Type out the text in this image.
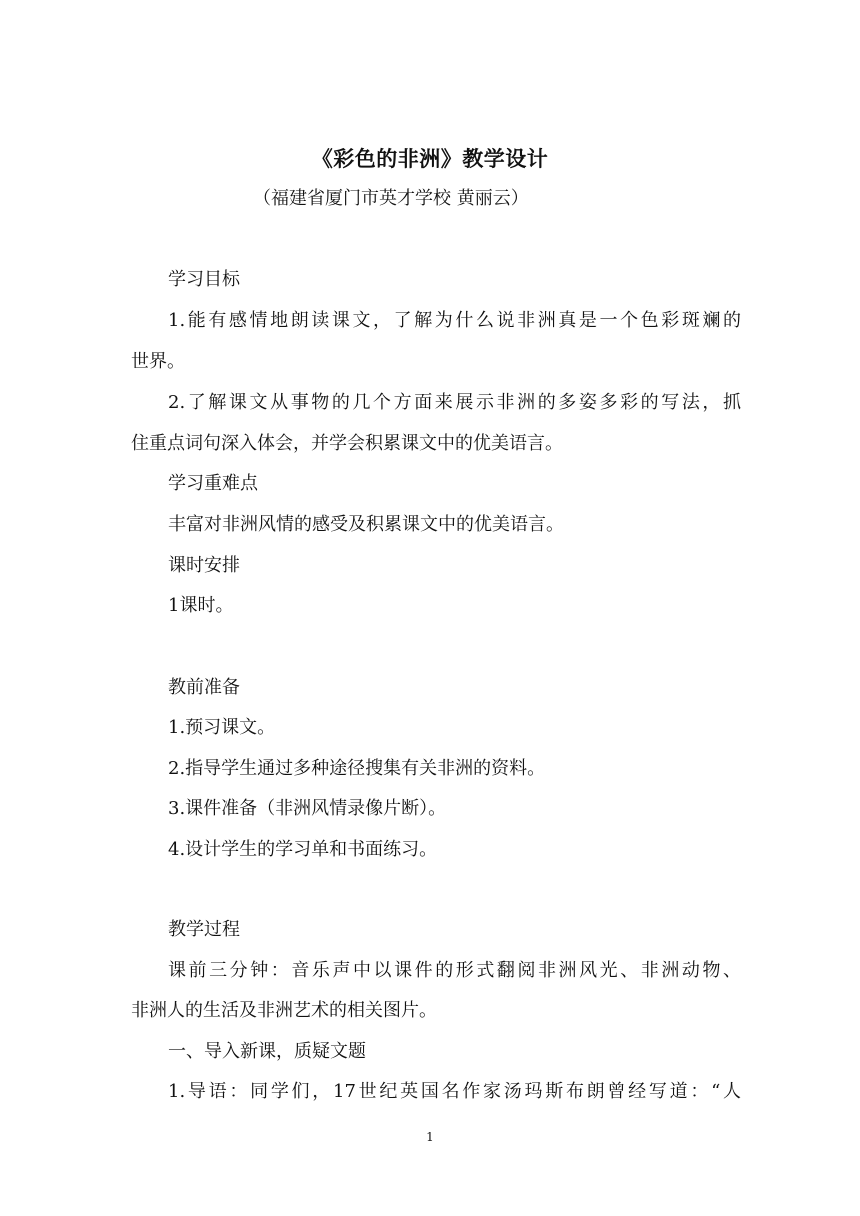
《彩色的非洲》教学设计
（福建省厦门市英才学校 黄丽云）
学习目标
1.能有感情地朗读课文，了解为什么说非洲真是一个色彩斑斓的
世界。
2.了解课文从事物的几个方面来展示非洲的多姿多彩的写法，抓
住重点词句深入体会，并学会积累课文中的优美语言。
学习重难点
丰富对非洲风情的感受及积累课文中的优美语言。
课时安排
1课时。
教前准备
1.预习课文。
2.指导学生通过多种途径搜集有关非洲的资料。
3.课件准备（非洲风情录像片断）。
4.设计学生的学习单和书面练习。
教学过程
课前三分钟：音乐声中以课件的形式翻阅非洲风光、非洲动物、
非洲人的生活及非洲艺术的相关图片。
一、导入新课，质疑文题
1.导语：同学们，17世纪英国名作家汤玛斯布朗曾经写道：“人
1
